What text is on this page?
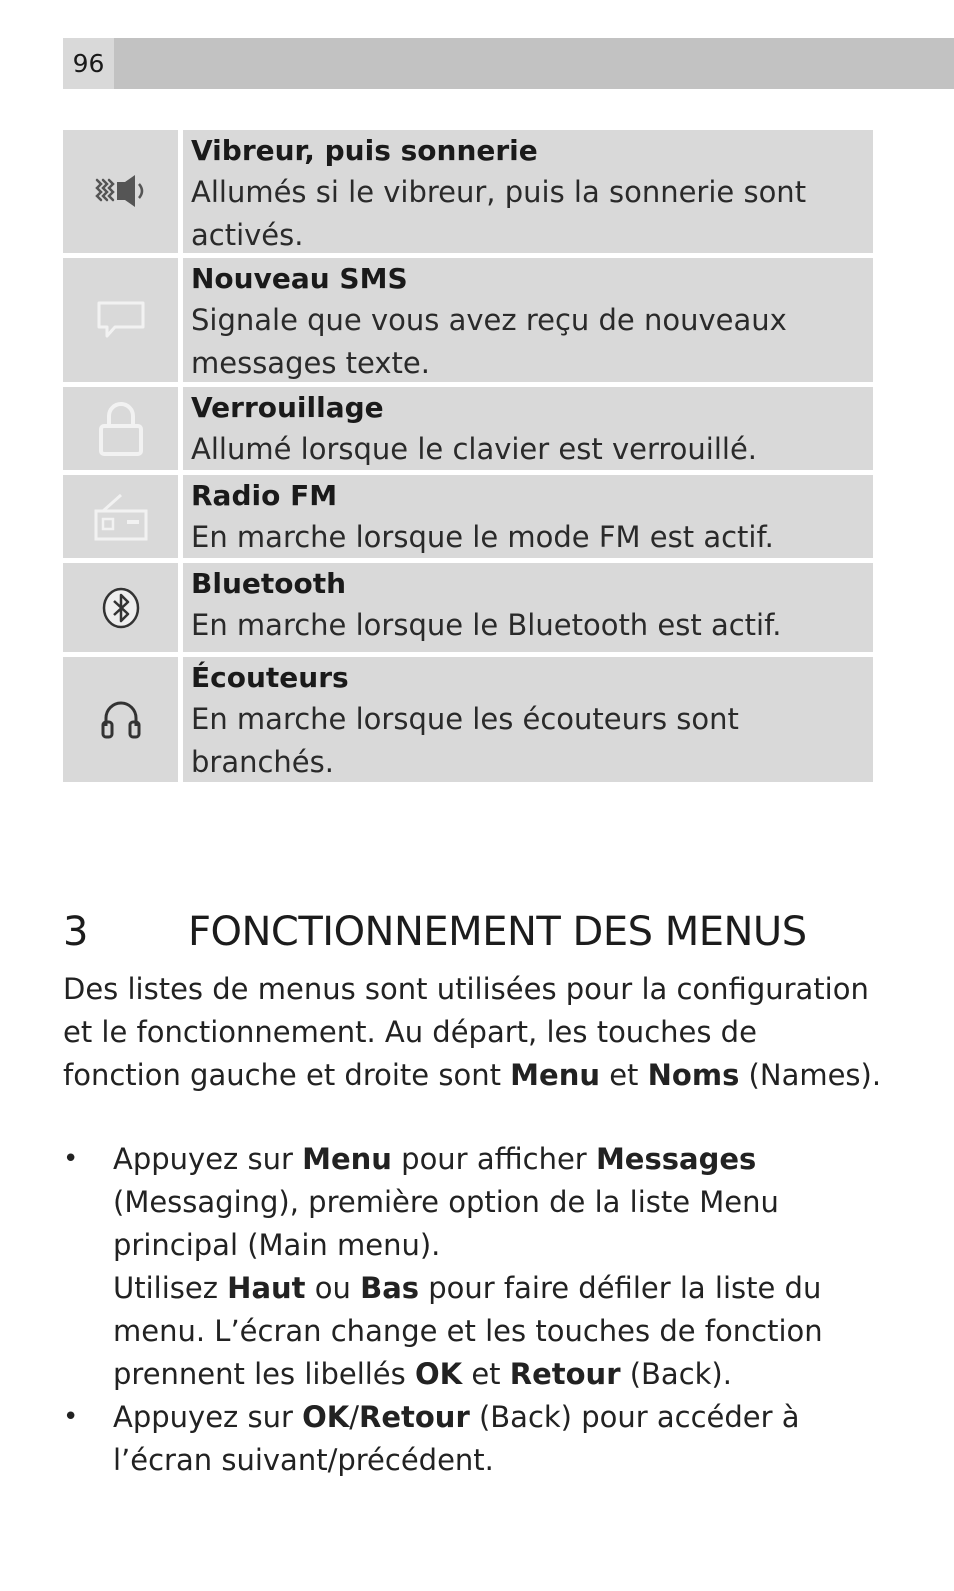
96
Vibreur, puis sonnerie
Allumés si le vibreur, puis la sonnerie sont activés.
Nouveau SMS
Signale que vous avez reçu de nouveaux messages texte.
Verrouillage
Allumé lorsque le clavier est verrouillé.
Radio FM
En marche lorsque le mode FM est actif.
Bluetooth
En marche lorsque le Bluetooth est actif.
Écouteurs
En marche lorsque les écouteurs sont branchés.
3	FONCTIONNEMENT DES MENUS
Des listes de menus sont utilisées pour la configuration et le fonctionnement. Au départ, les touches de fonction gauche et droite sont Menu et Noms (Names).
• Appuyez sur Menu pour afficher Messages (Messaging), première option de la liste Menu principal (Main menu).

Utilisez Haut ou Bas pour faire défiler la liste du menu. L’écran change et les touches de fonction prennent les libellés OK et Retour (Back).

• Appuyez sur OK/Retour (Back) pour accéder à l’écran suivant/précédent.
